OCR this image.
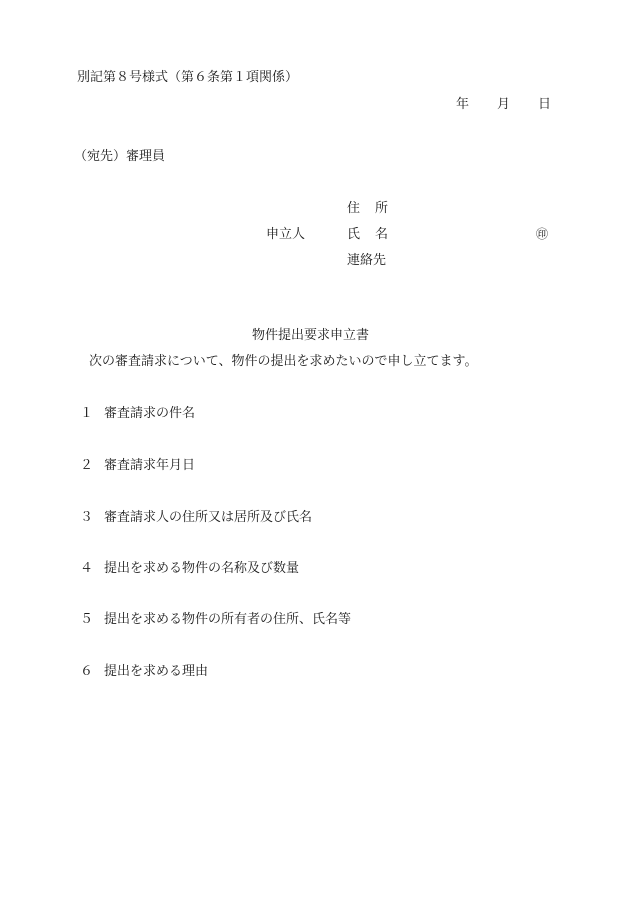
別記第８号様式（第６条第１項関係）
年 月 日
（宛先）審理員
住　所
申立人	氏　名	㊞
連絡先
物件提出要求申立書
次の審査請求について、物件の提出を求めたいので申し立てます。
１ 審査請求の件名
２ 審査請求年月日
３ 審査請求人の住所又は居所及び氏名
４ 提出を求める物件の名称及び数量
５ 提出を求める物件の所有者の住所、氏名等
６ 提出を求める理由
